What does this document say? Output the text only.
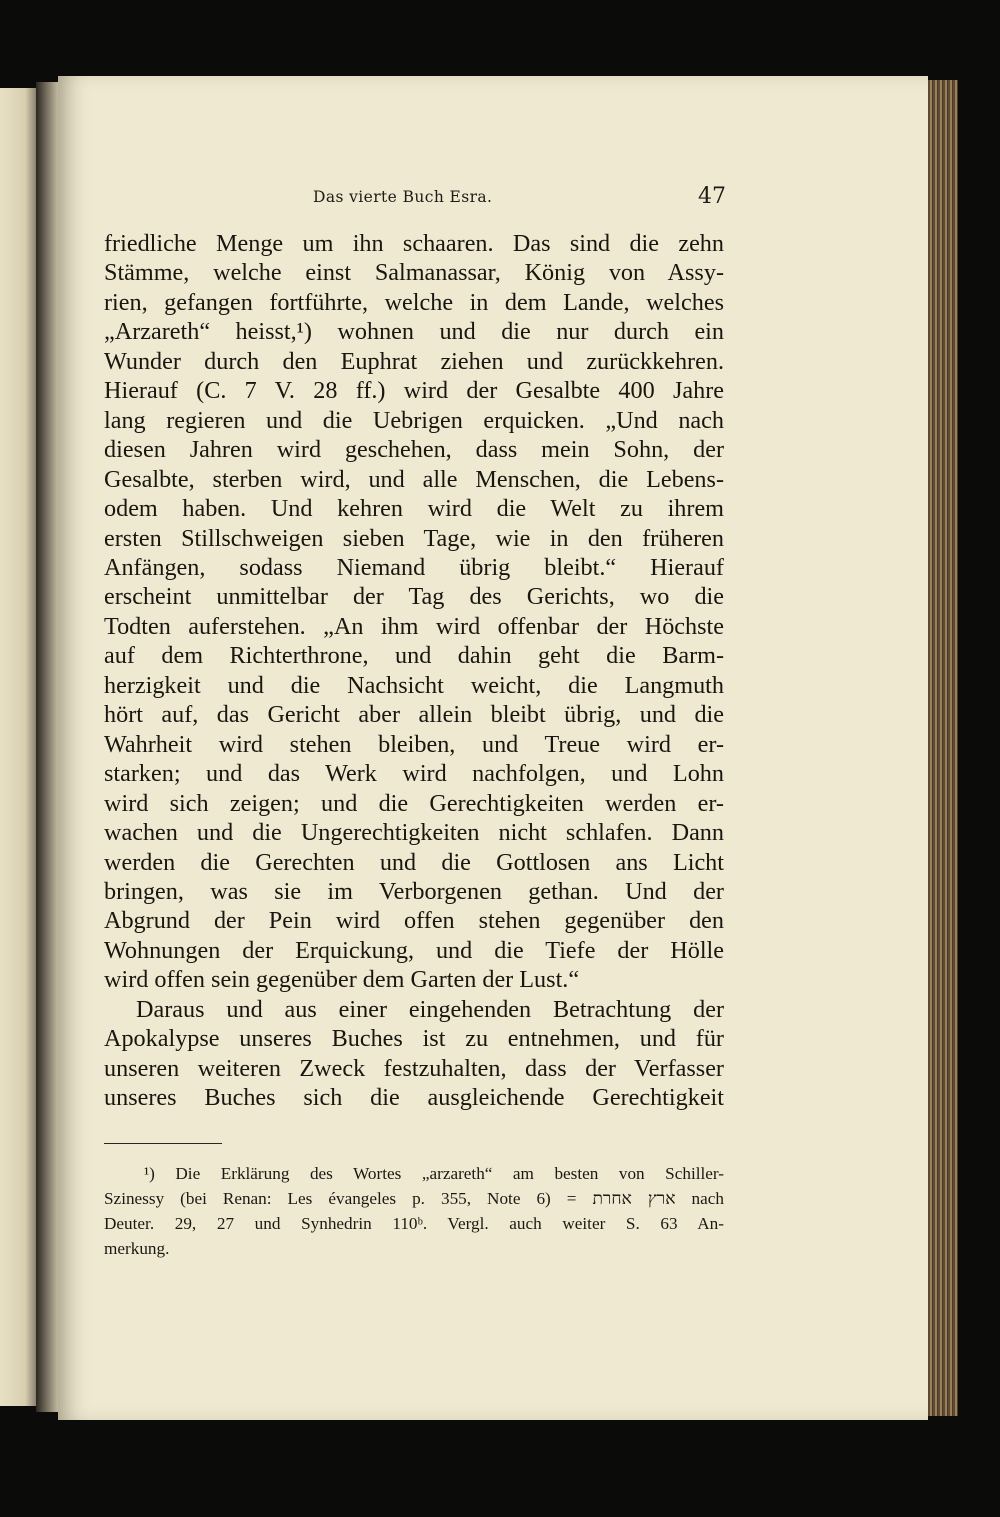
Das vierte Buch Esra.	47
friedliche Menge um ihn schaaren. Das sind die zehn
Stämme, welche einst Salmanassar, König von Assy-
rien, gefangen fortführte, welche in dem Lande, welches
„Arzareth“ heisst,¹) wohnen und die nur durch ein
Wunder durch den Euphrat ziehen und zurückkehren.
Hierauf (C. 7 V. 28 ff.) wird der Gesalbte 400 Jahre
lang regieren und die Uebrigen erquicken. „Und nach
diesen Jahren wird geschehen, dass mein Sohn, der
Gesalbte, sterben wird, und alle Menschen, die Lebens-
odem haben. Und kehren wird die Welt zu ihrem
ersten Stillschweigen sieben Tage, wie in den früheren
Anfängen, sodass Niemand übrig bleibt.“ Hierauf
erscheint unmittelbar der Tag des Gerichts, wo die
Todten auferstehen. „An ihm wird offenbar der Höchste
auf dem Richterthrone, und dahin geht die Barm-
herzigkeit und die Nachsicht weicht, die Langmuth
hört auf, das Gericht aber allein bleibt übrig, und die
Wahrheit wird stehen bleiben, und Treue wird er-
starken; und das Werk wird nachfolgen, und Lohn
wird sich zeigen; und die Gerechtigkeiten werden er-
wachen und die Ungerechtigkeiten nicht schlafen. Dann
werden die Gerechten und die Gottlosen ans Licht
bringen, was sie im Verborgenen gethan. Und der
Abgrund der Pein wird offen stehen gegenüber den
Wohnungen der Erquickung, und die Tiefe der Hölle
wird offen sein gegenüber dem Garten der Lust.“
Daraus und aus einer eingehenden Betrachtung der
Apokalypse unseres Buches ist zu entnehmen, und für
unseren weiteren Zweck festzuhalten, dass der Verfasser
unseres Buches sich die ausgleichende Gerechtigkeit
¹) Die Erklärung des Wortes „arzareth“ am besten von Schiller-
Szinessy (bei Renan: Les évangeles p. 355, Note 6) = ארץ אחרת nach
Deuter. 29, 27 und Synhedrin 110ᵇ. Vergl. auch weiter S. 63 An-
merkung.
